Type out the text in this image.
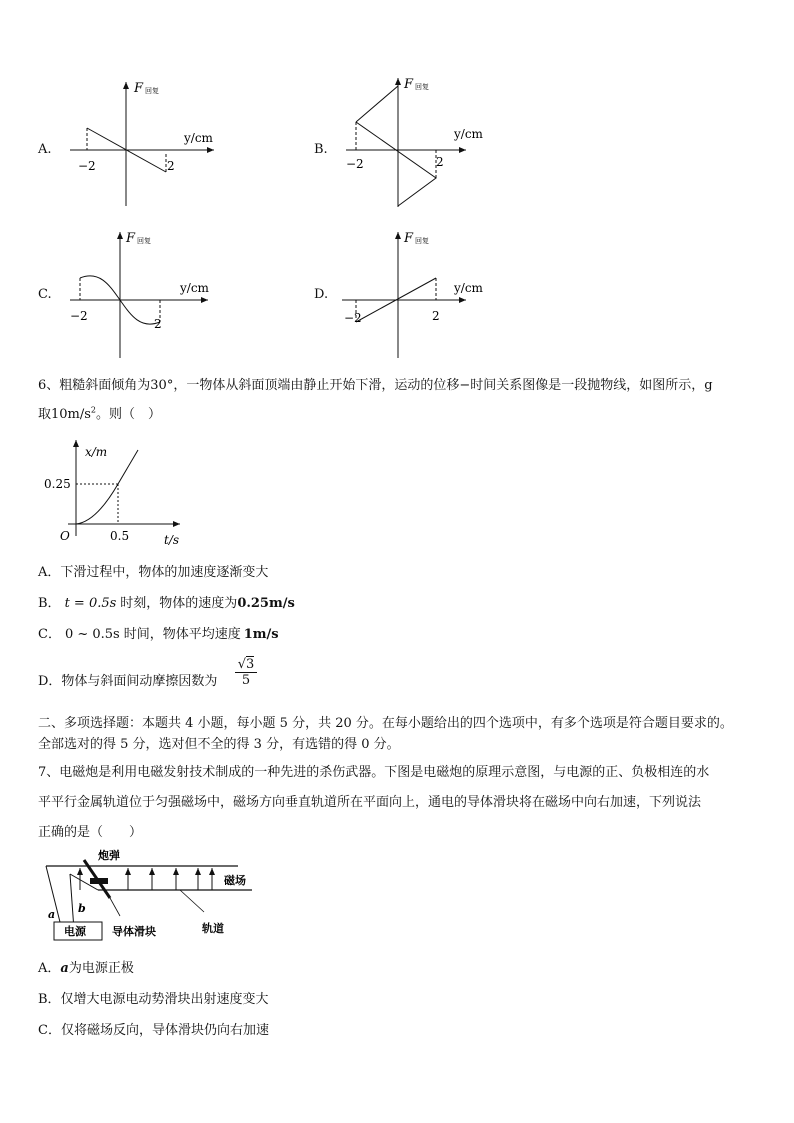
A.
F 回复
y/cm
−2	2
B.
F 回复
y/cm
−2	2
C.
F 回复
y/cm
−2
2
D.
F 回复
y/cm
−2	2
6、粗糙斜面倾角为30°，一物体从斜面顶端由静止开始下滑，运动的位移−时间关系图像是一段抛物线，如图所示，g
取$10m/s^2$。则（　）
x/m
0.25
O	0.5	t/s
A．下滑过程中，物体的加速度逐渐变大
B． t = 0.5s 时刻，物体的速度为0.25m/s
C． 0 ~ 0.5s 时间，物体平均速度 1m/s
D．物体与斜面间动摩擦因数为
√3
5
二、多项选择题：本题共 4 小题，每小题 5 分，共 20 分。在每小题给出的四个选项中，有多个选项是符合题目要求的。
全部选对的得 5 分，选对但不全的得 3 分，有选错的得 0 分。
7、电磁炮是利用电磁发射技术制成的一种先进的杀伤武器。下图是电磁炮的原理示意图，与电源的正、负极相连的水
平平行金属轨道位于匀强磁场中，磁场方向垂直轨道所在平面向上，通电的导体滑块将在磁场中向右加速，下列说法
正确的是（　　）
炮弹
磁场
a b
电源 导体滑块	轨道
A．a为电源正极
B．仅增大电源电动势滑块出射速度变大
C．仅将磁场反向，导体滑块仍向右加速
